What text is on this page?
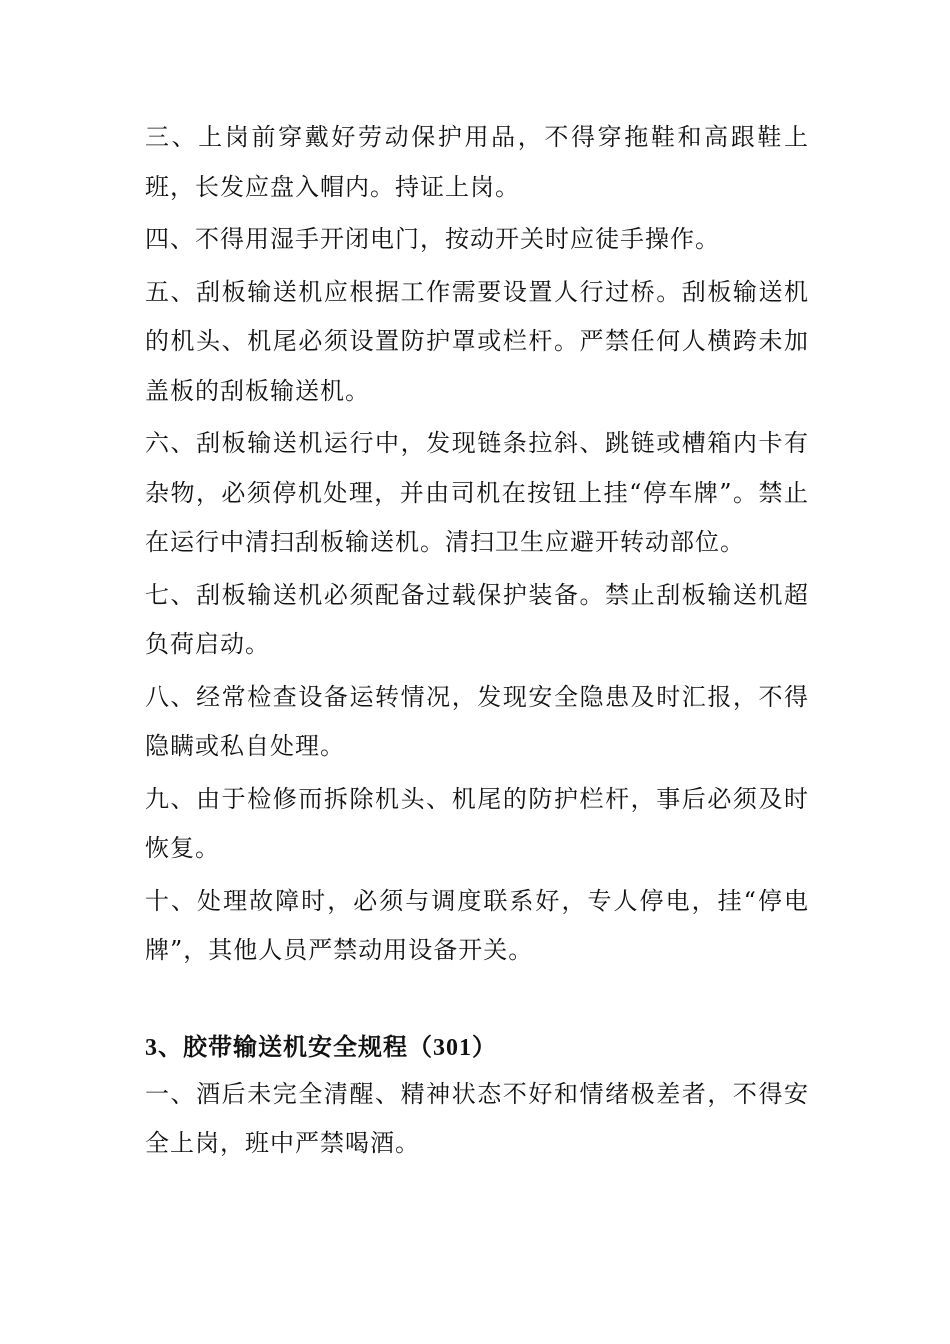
三、上岗前穿戴好劳动保护用品，不得穿拖鞋和高跟鞋上班，长发应盘入帽内。持证上岗。

四、不得用湿手开闭电门，按动开关时应徒手操作。

五、刮板输送机应根据工作需要设置人行过桥。刮板输送机的机头、机尾必须设置防护罩或栏杆。严禁任何人横跨未加盖板的刮板输送机。

六、刮板输送机运行中，发现链条拉斜、跳链或槽箱内卡有杂物，必须停机处理，并由司机在按钮上挂“停车牌”。禁止在运行中清扫刮板输送机。清扫卫生应避开转动部位。

七、刮板输送机必须配备过载保护装备。禁止刮板输送机超负荷启动。

八、经常检查设备运转情况，发现安全隐患及时汇报，不得隐瞒或私自处理。

九、由于检修而拆除机头、机尾的防护栏杆，事后必须及时恢复。

十、处理故障时，必须与调度联系好，专人停电，挂“停电牌”，其他人员严禁动用设备开关。

3、胶带输送机安全规程（301）

一、酒后未完全清醒、精神状态不好和情绪极差者，不得安全上岗，班中严禁喝酒。
